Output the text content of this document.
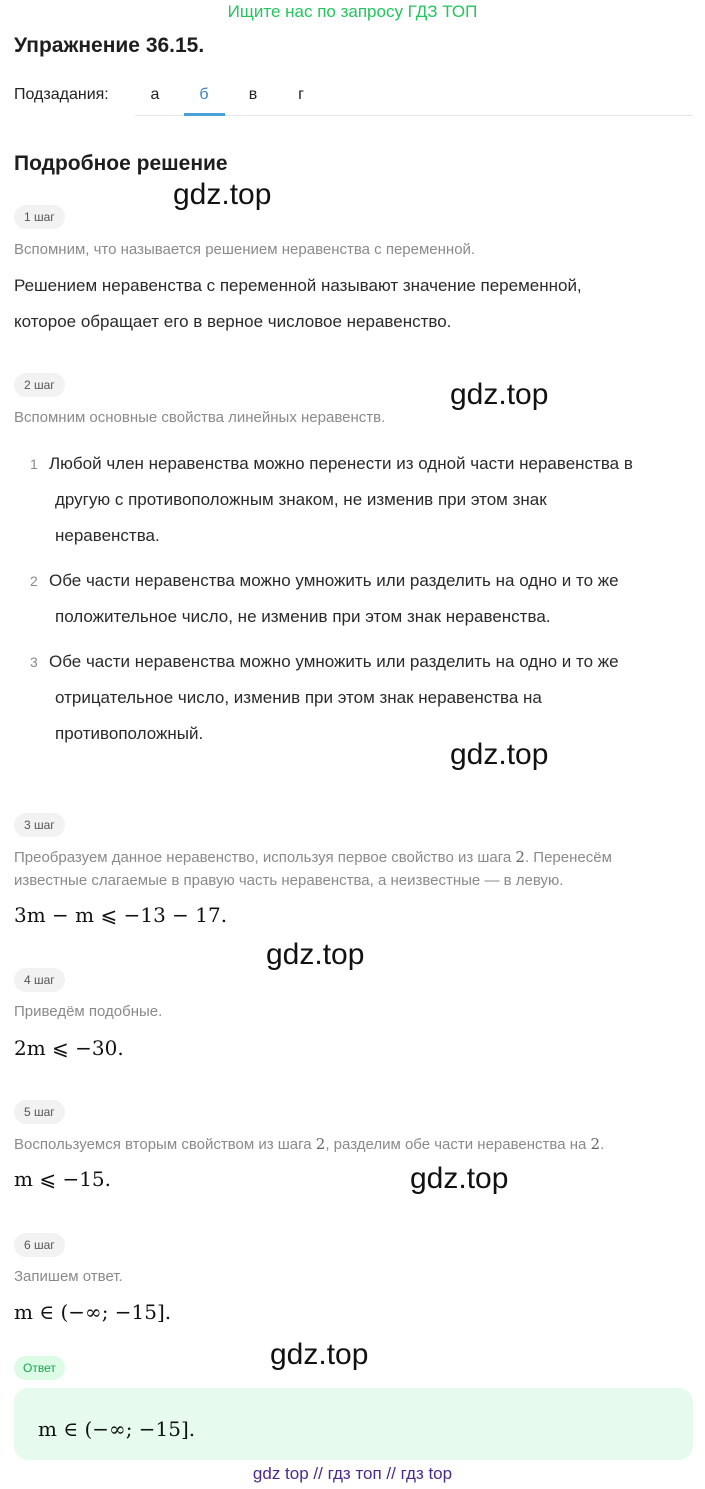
Ищите нас по запросу ГДЗ ТОП
Упражнение 36.15.
Подзадания:	а	б	в	г
Подробное решение
gdz.top
gdz.top
gdz.top
gdz.top
gdz.top
gdz.top
1 шаг
Вспомним, что называется решением неравенства с переменной.
Решением неравенства с переменной называют значение переменной,
которое обращает его в верное числовое неравенство.
2 шаг
Вспомним основные свойства линейных неравенств.
1 Любой член неравенства можно перенести из одной части неравенства в
другую с противоположным знаком, не изменив при этом знак
неравенства.
2 Обе части неравенства можно умножить или разделить на одно и то же
положительное число, не изменив при этом знак неравенства.
3 Обе части неравенства можно умножить или разделить на одно и то же
отрицательное число, изменив при этом знак неравенства на
противоположный.
3 шаг
Преобразуем данное неравенство, используя первое свойство из шага 2. Перенесём
известные слагаемые в правую часть неравенства, а неизвестные — в левую.
3m − m ⩽ −13 − 17.
4 шаг
Приведём подобные.
2m ⩽ −30.
5 шаг
Воспользуемся вторым свойством из шага 2, разделим обе части неравенства на 2.
m ⩽ −15.
6 шаг
Запишем ответ.
m ∈ (−∞; −15].
Ответ
m ∈ (−∞; −15].
gdz top // гдз топ // гдз top
